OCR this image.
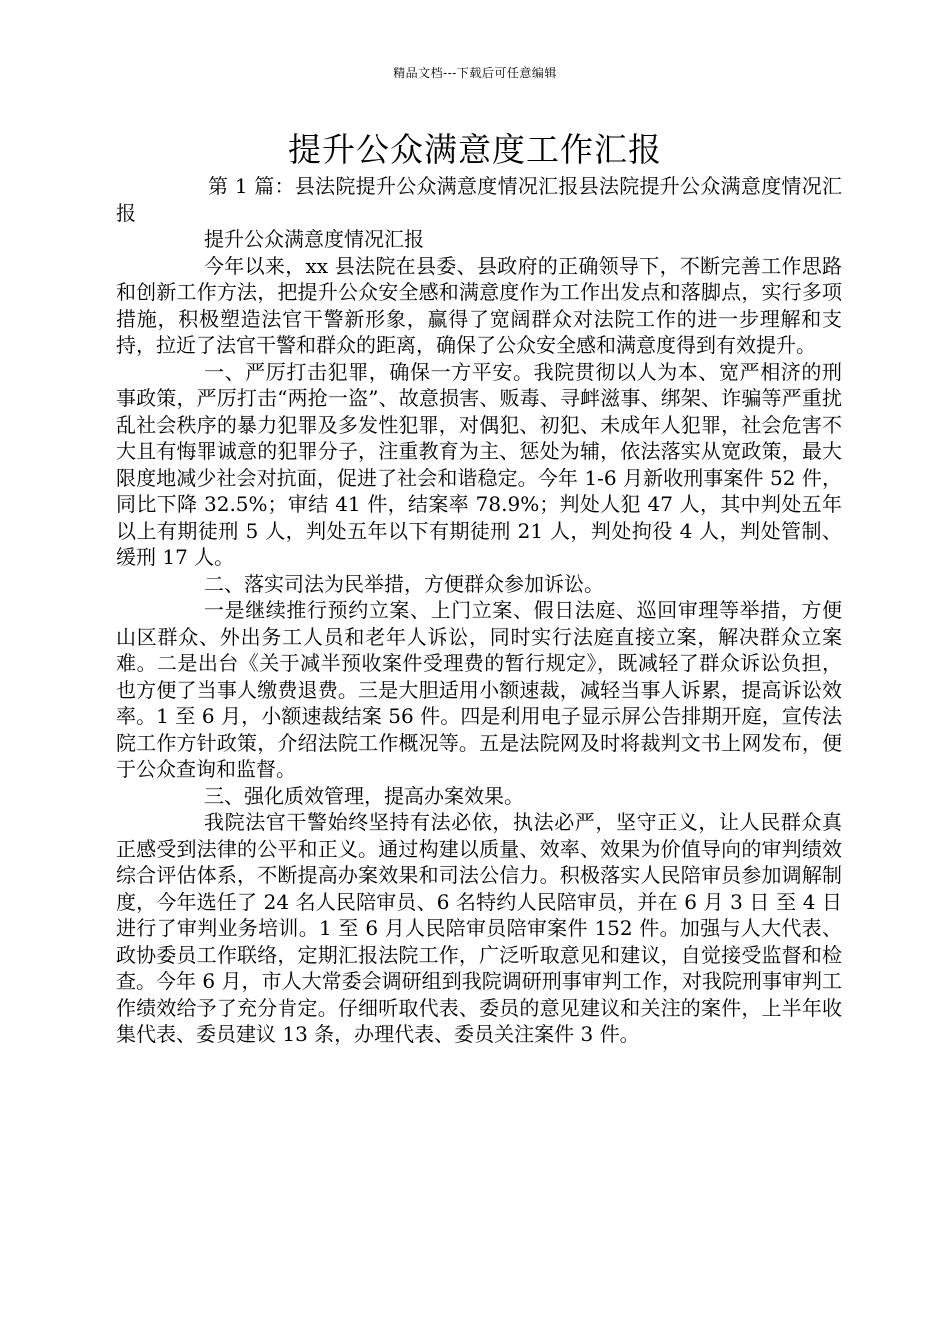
精品文档---下载后可任意编辑
提升公众满意度工作汇报

第 1 篇：县法院提升公众满意度情况汇报县法院提升公众满意度情况汇报

提升公众满意度情况汇报

今年以来，xx 县法院在县委、县政府的正确领导下，不断完善工作思路和创新工作方法，把提升公众安全感和满意度作为工作出发点和落脚点，实行多项措施，积极塑造法官干警新形象，赢得了宽阔群众对法院工作的进一步理解和支持，拉近了法官干警和群众的距离，确保了公众安全感和满意度得到有效提升。

一、严厉打击犯罪，确保一方平安。我院贯彻以人为本、宽严相济的刑事政策，严厉打击“两抢一盗”、故意损害、贩毒、寻衅滋事、绑架、诈骗等严重扰乱社会秩序的暴力犯罪及多发性犯罪，对偶犯、初犯、未成年人犯罪，社会危害不大且有悔罪诚意的犯罪分子，注重教育为主、惩处为辅，依法落实从宽政策，最大限度地减少社会对抗面，促进了社会和谐稳定。今年 1-6 月新收刑事案件 52 件，同比下降 32.5%；审结 41 件，结案率 78.9%；判处人犯 47 人，其中判处五年以上有期徒刑 5 人，判处五年以下有期徒刑 21 人，判处拘役 4 人，判处管制、缓刑 17 人。

二、落实司法为民举措，方便群众参加诉讼。

一是继续推行预约立案、上门立案、假日法庭、巡回审理等举措，方便山区群众、外出务工人员和老年人诉讼，同时实行法庭直接立案，解决群众立案难。二是出台《关于减半预收案件受理费的暂行规定》，既减轻了群众诉讼负担，也方便了当事人缴费退费。三是大胆适用小额速裁，减轻当事人诉累，提高诉讼效率。1 至 6 月，小额速裁结案 56 件。四是利用电子显示屏公告排期开庭，宣传法院工作方针政策，介绍法院工作概况等。五是法院网及时将裁判文书上网发布，便于公众查询和监督。

三、强化质效管理，提高办案效果。

我院法官干警始终坚持有法必依，执法必严，坚守正义，让人民群众真正感受到法律的公平和正义。通过构建以质量、效率、效果为价值导向的审判绩效综合评估体系，不断提高办案效果和司法公信力。积极落实人民陪审员参加调解制度，今年选任了 24 名人民陪审员、6 名特约人民陪审员，并在 6 月 3 日 至 4 日进行了审判业务培训。1 至 6 月人民陪审员陪审案件 152 件。加强与人大代表、政协委员工作联络，定期汇报法院工作，广泛听取意见和建议，自觉接受监督和检查。今年 6 月，市人大常委会调研组到我院调研刑事审判工作，对我院刑事审判工作绩效给予了充分肯定。仔细听取代表、委员的意见建议和关注的案件，上半年收集代表、委员建议 13 条，办理代表、委员关注案件 3 件。
